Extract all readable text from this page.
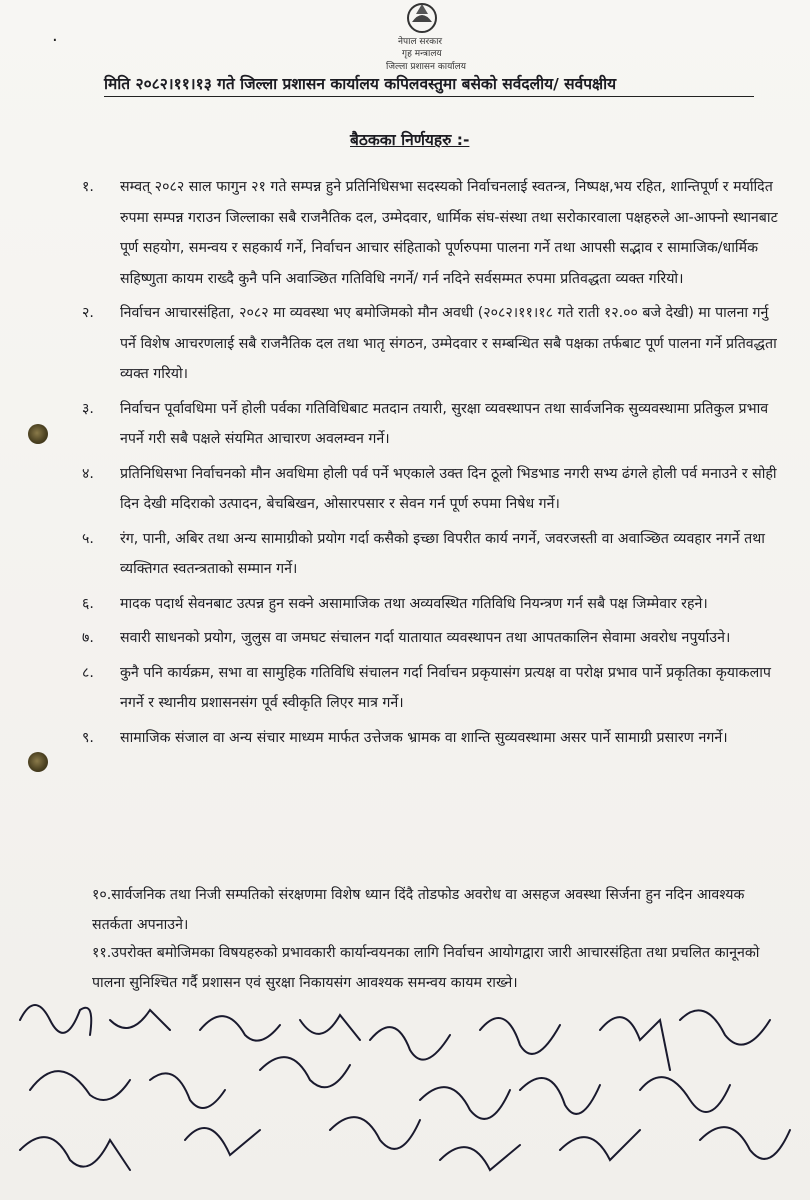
नेपाल सरकार
गृह मन्त्रालय
जिल्ला प्रशासन कार्यालय
मिति २०८२।११।१३ गते जिल्ला प्रशासन कार्यालय कपिलवस्तुमा बसेको सर्वदलीय/ सर्वपक्षीय
बैठकका निर्णयहरु :-
१. सम्वत् २०८२ साल फागुन २१ गते सम्पन्न हुने प्रतिनिधिसभा सदस्यको निर्वाचनलाई स्वतन्त्र, निष्पक्ष,भय रहित, शान्तिपूर्ण र मर्यादित रुपमा सम्पन्न गराउन जिल्लाका सबै राजनैतिक दल, उम्मेदवार, धार्मिक संघ-संस्था तथा सरोकारवाला पक्षहरुले आ-आफ्नो स्थानबाट पूर्ण सहयोग, समन्वय र सहकार्य गर्ने, निर्वाचन आचार संहिताको पूर्णरुपमा पालना गर्ने तथा आपसी सद्भाव र सामाजिक/धार्मिक सहिष्णुता कायम राख्दै कुनै पनि अवाञ्छित गतिविधि नगर्ने/ गर्न नदिने सर्वसम्मत रुपमा प्रतिवद्धता व्यक्त गरियो।
२. निर्वाचन आचारसंहिता, २०८२ मा व्यवस्था भए बमोजिमको मौन अवधी (२०८२।११।१८ गते राती १२.०० बजे देखी) मा पालना गर्नु पर्ने विशेष आचरणलाई सबै राजनैतिक दल तथा भातृ संगठन, उम्मेदवार र सम्बन्धित सबै पक्षका तर्फबाट पूर्ण पालना गर्ने प्रतिवद्धता व्यक्त गरियो।
३. निर्वाचन पूर्वावधिमा पर्ने होली पर्वका गतिविधिबाट मतदान तयारी, सुरक्षा व्यवस्थापन तथा सार्वजनिक सुव्यवस्थामा प्रतिकुल प्रभाव नपर्ने गरी सबै पक्षले संयमित आचारण अवलम्वन गर्ने।
४. प्रतिनिधिसभा निर्वाचनको मौन अवधिमा होली पर्व पर्ने भएकाले उक्त दिन ठूलो भिडभाड नगरी सभ्य ढंगले होली पर्व मनाउने र सोही दिन देखी मदिराको उत्पादन, बेचबिखन, ओसारपसार र सेवन गर्न पूर्ण रुपमा निषेध गर्ने।
५. रंग, पानी, अबिर तथा अन्य सामाग्रीको प्रयोग गर्दा कसैको इच्छा विपरीत कार्य नगर्ने, जवरजस्ती वा अवाञ्छित व्यवहार नगर्ने तथा व्यक्तिगत स्वतन्त्रताको सम्मान गर्ने।
६. मादक पदार्थ सेवनबाट उत्पन्न हुन सक्ने असामाजिक तथा अव्यवस्थित गतिविधि नियन्त्रण गर्न सबै पक्ष जिम्मेवार रहने।
७. सवारी साधनको प्रयोग, जुलुस वा जमघट संचालन गर्दा यातायात व्यवस्थापन तथा आपतकालिन सेवामा अवरोध नपुर्याउने।
८. कुनै पनि कार्यक्रम, सभा वा सामुहिक गतिविधि संचालन गर्दा निर्वाचन प्रकृयासंग प्रत्यक्ष वा परोक्ष प्रभाव पार्ने प्रकृतिका कृयाकलाप नगर्ने र स्थानीय प्रशासनसंग पूर्व स्वीकृति लिएर मात्र गर्ने।
९. सामाजिक संजाल वा अन्य संचार माध्यम मार्फत उत्तेजक भ्रामक वा शान्ति सुव्यवस्थामा असर पार्ने सामाग्री प्रसारण नगर्ने।
१०.सार्वजनिक तथा निजी सम्पतिको संरक्षणमा विशेष ध्यान दिंदै तोडफोड अवरोध वा असहज अवस्था सिर्जना हुन नदिन आवश्यक सतर्कता अपनाउने।
११.उपरोक्त बमोजिमका विषयहरुको प्रभावकारी कार्यान्वयनका लागि निर्वाचन आयोगद्वारा जारी आचारसंहिता तथा प्रचलित कानूनको पालना सुनिश्चित गर्दै प्रशासन एवं सुरक्षा निकायसंग आवश्यक समन्वय कायम राख्ने।
·
